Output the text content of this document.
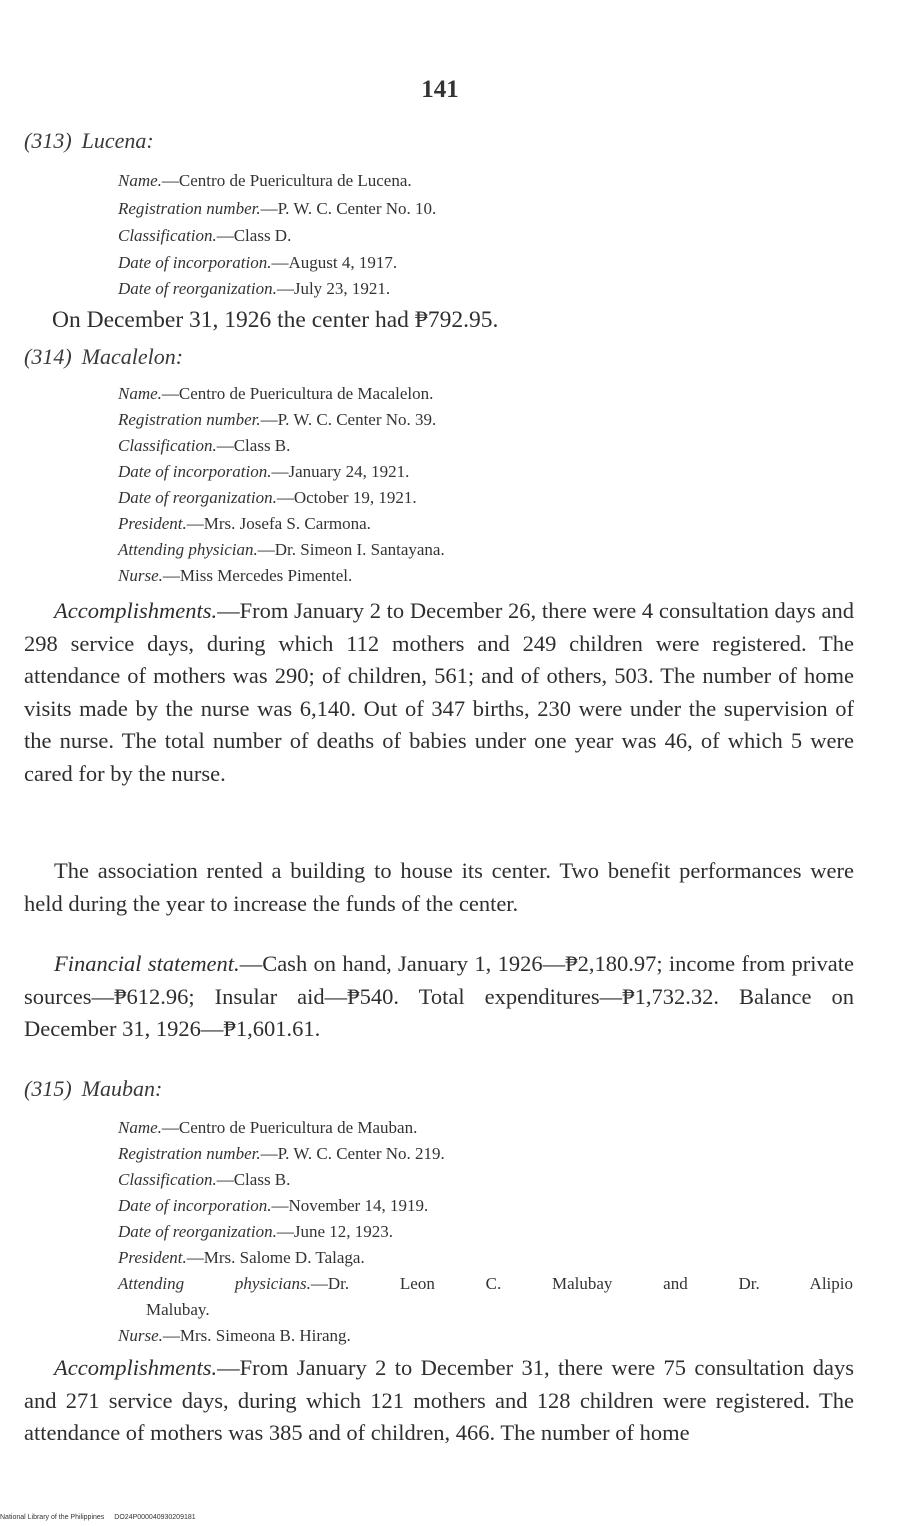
141
(313) Lucena:
Name.—Centro de Puericultura de Lucena.
Registration number.—P. W. C. Center No. 10.
Classification.—Class D.
Date of incorporation.—August 4, 1917.
Date of reorganization.—July 23, 1921.
On December 31, 1926 the center had ₱792.95.
(314) Macalelon:
Name.—Centro de Puericultura de Macalelon.
Registration number.—P. W. C. Center No. 39.
Classification.—Class B.
Date of incorporation.—January 24, 1921.
Date of reorganization.—October 19, 1921.
President.—Mrs. Josefa S. Carmona.
Attending physician.—Dr. Simeon I. Santayana.
Nurse.—Miss Mercedes Pimentel.
Accomplishments.—From January 2 to December 26, there were 4 consultation days and 298 service days, during which 112 mothers and 249 children were registered. The attendance of mothers was 290; of children, 561; and of others, 503. The number of home visits made by the nurse was 6,140. Out of 347 births, 230 were under the supervision of the nurse. The total number of deaths of babies under one year was 46, of which 5 were cared for by the nurse.
The association rented a building to house its center. Two benefit performances were held during the year to increase the funds of the center.
Financial statement.—Cash on hand, January 1, 1926—₱2,180.97; income from private sources—₱612.96; Insular aid—₱540. Total expenditures—₱1,732.32. Balance on December 31, 1926—₱1,601.61.
(315) Mauban:
Name.—Centro de Puericultura de Mauban.
Registration number.—P. W. C. Center No. 219.
Classification.—Class B.
Date of incorporation.—November 14, 1919.
Date of reorganization.—June 12, 1923.
President.—Mrs. Salome D. Talaga.
Attending physicians.—Dr. Leon C. Malubay and Dr. Alipio
Malubay.
Nurse.—Mrs. Simeona B. Hirang.
Accomplishments.—From January 2 to December 31, there were 75 consultation days and 271 service days, during which 121 mothers and 128 children were registered. The attendance of mothers was 385 and of children, 466. The number of home
National Library of the Philippines DO24P000040930209181
